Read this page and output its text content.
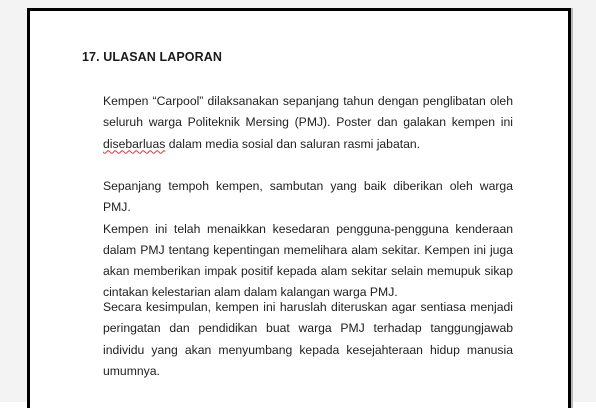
17. ULASAN LAPORAN
Kempen “Carpool” dilaksanakan sepanjang tahun dengan penglibatan oleh
seluruh warga Politeknik Mersing (PMJ). Poster dan galakan kempen ini
disebarluas dalam media sosial dan saluran rasmi jabatan.
Sepanjang tempoh kempen, sambutan yang baik diberikan oleh warga PMJ.
Kempen ini telah menaikkan kesedaran pengguna-pengguna kenderaan
dalam PMJ tentang kepentingan memelihara alam sekitar. Kempen ini juga
akan memberikan impak positif kepada alam sekitar selain memupuk sikap
cintakan kelestarian alam dalam kalangan warga PMJ.
Secara kesimpulan, kempen ini haruslah diteruskan agar sentiasa menjadi
peringatan dan pendidikan buat warga PMJ terhadap tanggungjawab
individu yang akan menyumbang kepada kesejahteraan hidup manusia
umumnya.
